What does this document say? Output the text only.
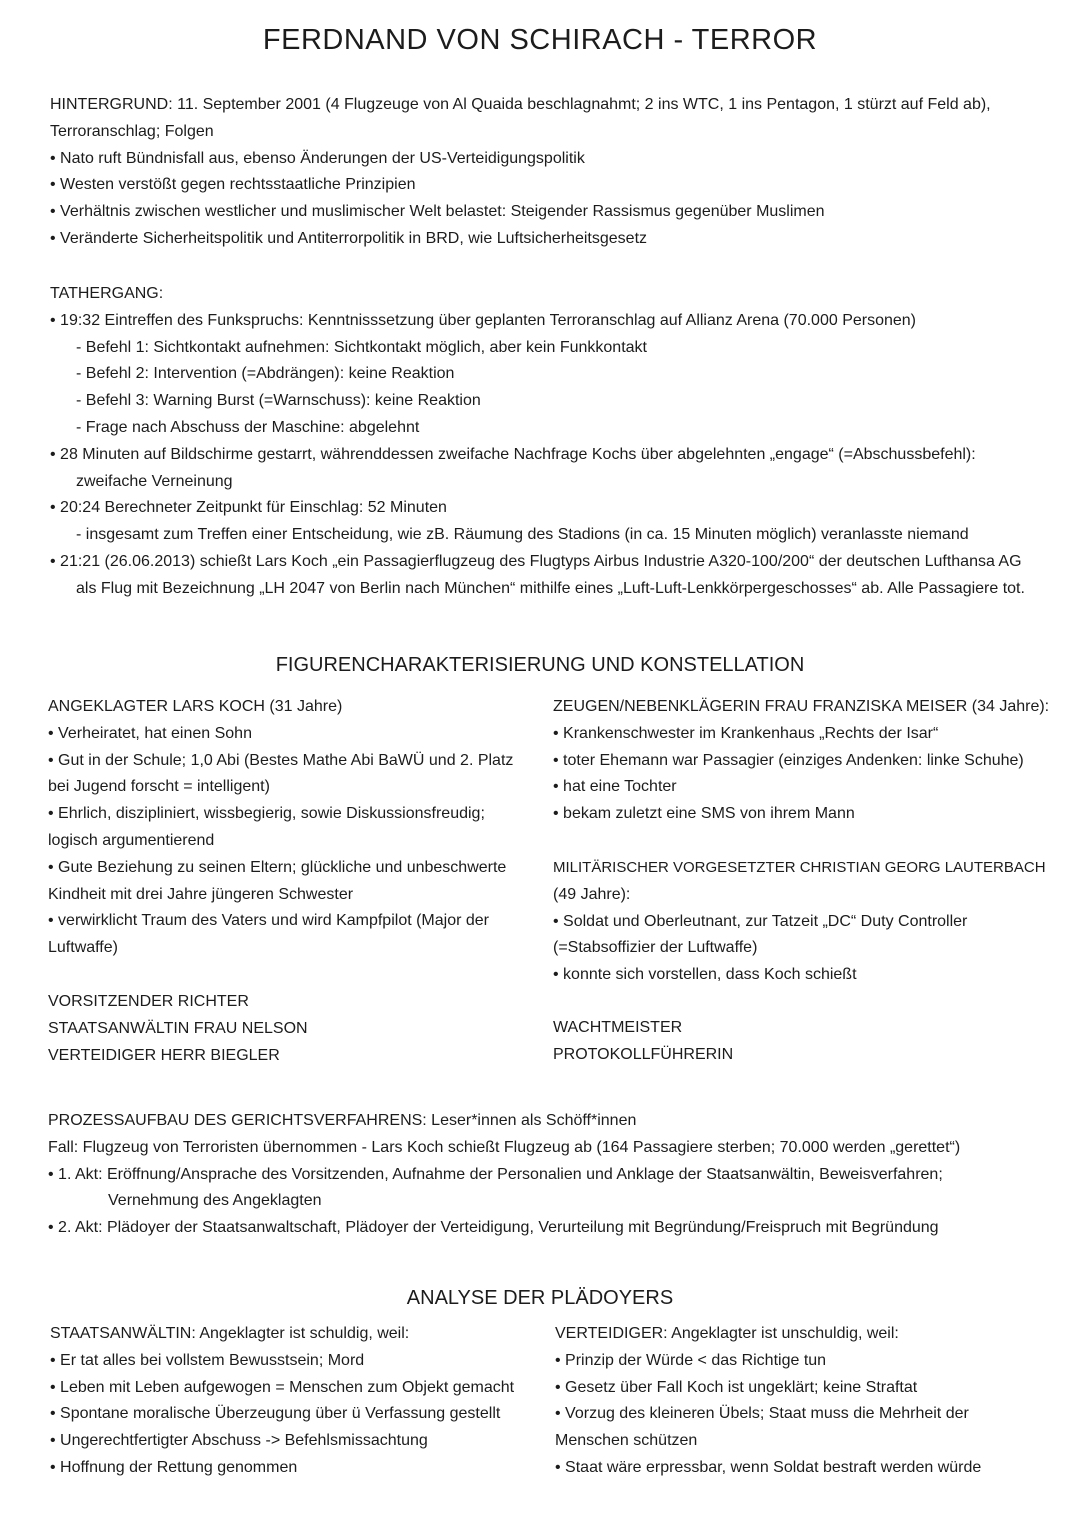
FERDNAND VON SCHIRACH - TERROR
HINTERGRUND: 11. September 2001 (4 Flugzeuge von Al Quaida beschlagnahmt; 2 ins WTC, 1 ins Pentagon, 1 stürzt auf Feld ab),
Terroranschlag; Folgen
• Nato ruft Bündnisfall aus, ebenso Änderungen der US-Verteidigungspolitik
• Westen verstößt gegen rechtsstaatliche Prinzipien
• Verhältnis zwischen westlicher und muslimischer Welt belastet: Steigender Rassismus gegenüber Muslimen
• Veränderte Sicherheitspolitik und Antiterrorpolitik in BRD, wie Luftsicherheitsgesetz
TATHERGANG:
• 19:32 Eintreffen des Funkspruchs: Kenntnisssetzung über geplanten Terroranschlag auf Allianz Arena (70.000 Personen)
- Befehl 1: Sichtkontakt aufnehmen: Sichtkontakt möglich, aber kein Funkkontakt
- Befehl 2: Intervention (=Abdrängen): keine Reaktion
- Befehl 3: Warning Burst (=Warnschuss): keine Reaktion
- Frage nach Abschuss der Maschine: abgelehnt
• 28 Minuten auf Bildschirme gestarrt, währenddessen zweifache Nachfrage Kochs über abgelehnten „engage“ (=Abschussbefehl):
zweifache Verneinung
• 20:24 Berechneter Zeitpunkt für Einschlag: 52 Minuten
- insgesamt zum Treffen einer Entscheidung, wie zB. Räumung des Stadions (in ca. 15 Minuten möglich) veranlasste niemand
• 21:21 (26.06.2013) schießt Lars Koch „ein Passagierflugzeug des Flugtyps Airbus Industrie A320-100/200“ der deutschen Lufthansa AG
als Flug mit Bezeichnung „LH 2047 von Berlin nach München“ mithilfe eines „Luft-Luft-Lenkkörpergeschosses“ ab. Alle Passagiere tot.
FIGURENCHARAKTERISIERUNG UND KONSTELLATION
ANGEKLAGTER LARS KOCH (31 Jahre)
• Verheiratet, hat einen Sohn
• Gut in der Schule; 1,0 Abi (Bestes Mathe Abi BaWÜ und 2. Platz
bei Jugend forscht = intelligent)
• Ehrlich, diszipliniert, wissbegierig, sowie Diskussionsfreudig;
logisch argumentierend
• Gute Beziehung zu seinen Eltern; glückliche und unbeschwerte
Kindheit mit drei Jahre jüngeren Schwester
• verwirklicht Traum des Vaters und wird Kampfpilot (Major der
Luftwaffe)
ZEUGEN/NEBENKLÄGERIN FRAU FRANZISKA MEISER (34 Jahre):
• Krankenschwester im Krankenhaus „Rechts der Isar“
• toter Ehemann war Passagier (einziges Andenken: linke Schuhe)
• hat eine Tochter
• bekam zuletzt eine SMS von ihrem Mann
MILITÄRISCHER VORGESETZTER CHRISTIAN GEORG LAUTERBACH
(49 Jahre):
• Soldat und Oberleutnant, zur Tatzeit „DC“ Duty Controller
(=Stabsoffizier der Luftwaffe)
• konnte sich vorstellen, dass Koch schießt
VORSITZENDER RICHTER
STAATSANWÄLTIN FRAU NELSON
VERTEIDIGER HERR BIEGLER
WACHTMEISTER
PROTOKOLLFÜHRERIN
PROZESSAUFBAU DES GERICHTSVERFAHRENS: Leser*innen als Schöff*innen
Fall: Flugzeug von Terroristen übernommen - Lars Koch schießt Flugzeug ab (164 Passagiere sterben; 70.000 werden „gerettet“)
• 1. Akt: Eröffnung/Ansprache des Vorsitzenden, Aufnahme der Personalien und Anklage der Staatsanwältin, Beweisverfahren;
Vernehmung des Angeklagten
• 2. Akt: Plädoyer der Staatsanwaltschaft, Plädoyer der Verteidigung, Verurteilung mit Begründung/Freispruch mit Begründung
ANALYSE DER PLÄDOYERS
STAATSANWÄLTIN: Angeklagter ist schuldig, weil:
• Er tat alles bei vollstem Bewusstsein; Mord
• Leben mit Leben aufgewogen = Menschen zum Objekt gemacht
• Spontane moralische Überzeugung über ü Verfassung gestellt
• Ungerechtfertigter Abschuss -> Befehlsmissachtung
• Hoffnung der Rettung genommen
VERTEIDIGER: Angeklagter ist unschuldig, weil:
• Prinzip der Würde < das Richtige tun
• Gesetz über Fall Koch ist ungeklärt; keine Straftat
• Vorzug des kleineren Übels; Staat muss die Mehrheit der
Menschen schützen
• Staat wäre erpressbar, wenn Soldat bestraft werden würde
